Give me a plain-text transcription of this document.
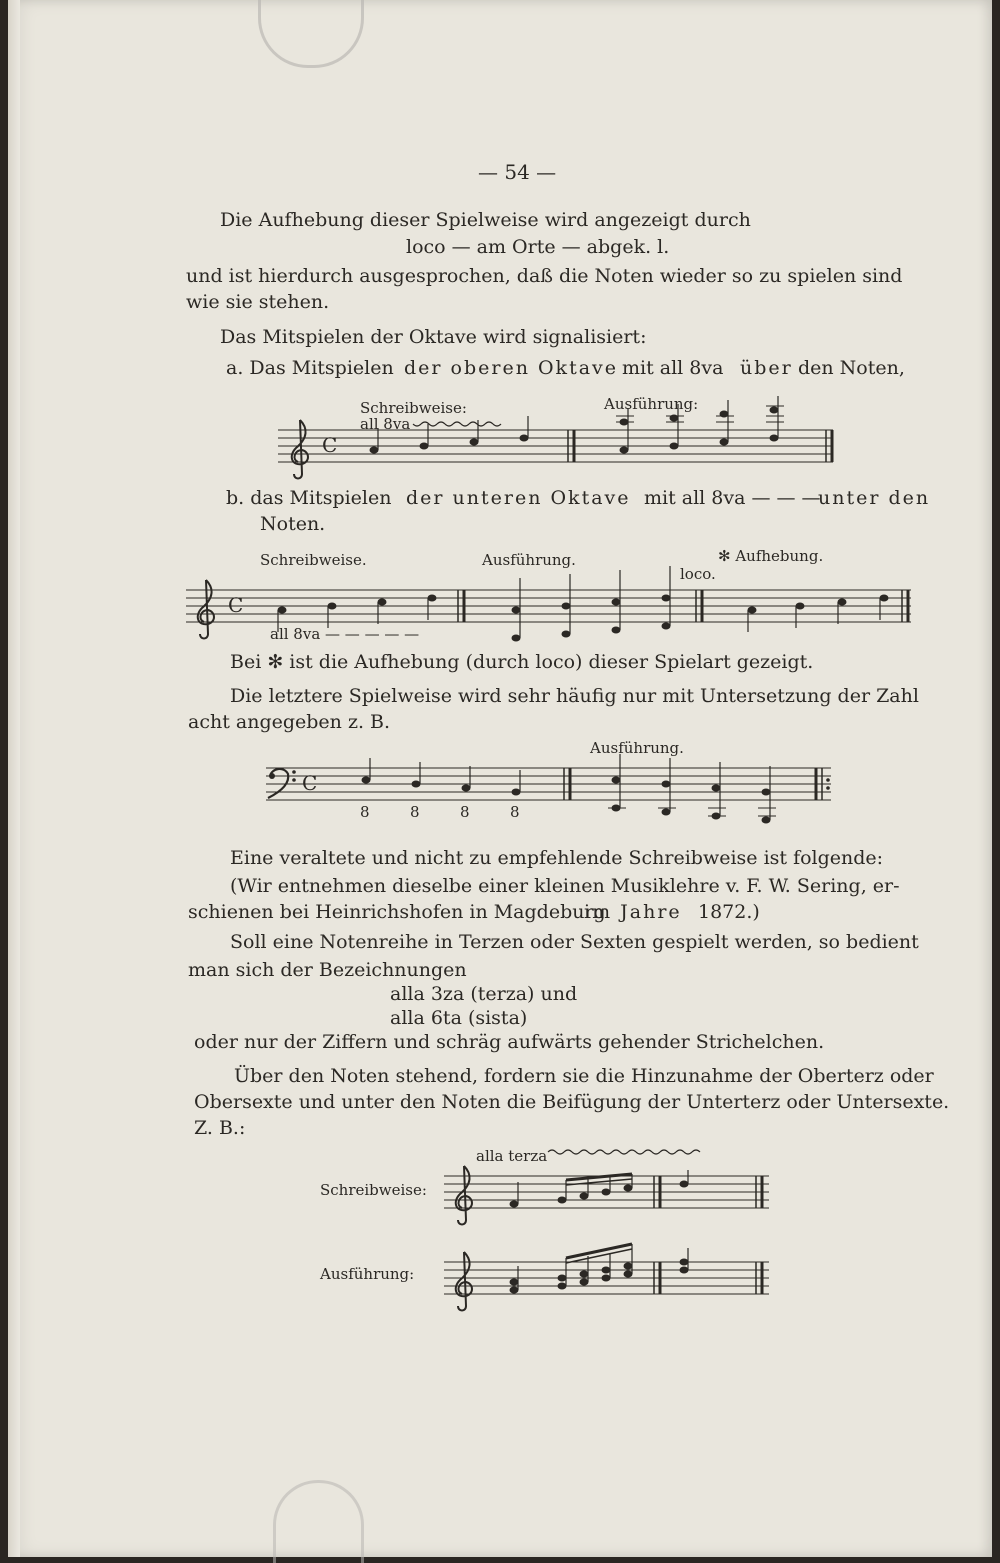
— 54 —
Die Aufhebung dieser Spielweise wird angezeigt durch
loco — am Orte — abgek. l.
und ist hierdurch ausgesprochen, daß die Noten wieder so zu spielen sind
wie sie stehen.
Das Mitspielen der Oktave wird signalisiert:
a. Das Mitspielen der oberen Oktave mit all 8va über den Noten,
Schreibweise:
all 8va
Ausführung:
C
b. das Mitspielen der unteren Oktave mit all 8va — — —
unter den
Noten.
Schreibweise.	Ausführung.	✻ Aufhebung.
loco.
C
all 8va — — — — —
Bei ✻ ist die Aufhebung (durch loco) dieser Spielart gezeigt.
Die letztere Spielweise wird sehr häufig nur mit Untersetzung der Zahl
acht angegeben z. B.
Ausführung.
C
8	8	8	8
Eine veraltete und nicht zu empfehlende Schreibweise ist folgende:
(Wir entnehmen dieselbe einer kleinen Musiklehre v. F. W. Sering, er-
schienen bei Heinrichshofen in Magdeburg
im Jahre 1872.)
Soll eine Notenreihe in Terzen oder Sexten gespielt werden, so bedient
man sich der Bezeichnungen
alla 3za (terza) und
alla 6ta (sista)
oder nur der Ziffern und schräg aufwärts gehender Strichelchen.
Über den Noten stehend, fordern sie die Hinzunahme der Oberterz oder
Obersexte und unter den Noten die Beifügung der Unterterz oder Untersexte.
Z. B.:
alla terza
Schreibweise:
Ausführung:
